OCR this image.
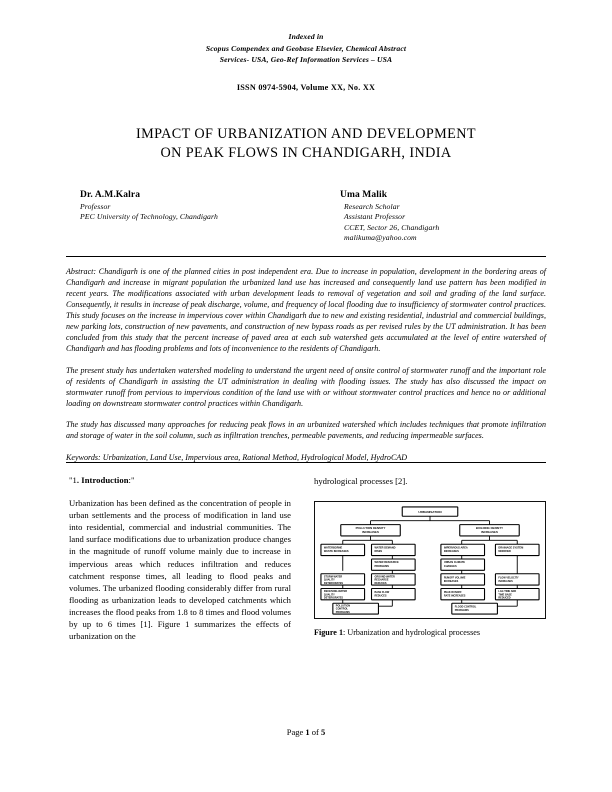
Indexed in
Scopus Compendex and Geobase Elsevier, Chemical Abstract
Services- USA, Geo-Ref Information Services – USA
ISSN 0974-5904, Volume XX, No. XX
IMPACT OF URBANIZATION AND DEVELOPMENT
ON PEAK FLOWS IN CHANDIGARH, INDIA
Dr. A.M.Kalra
Professor
PEC University of Technology, Chandigarh
Uma Malik
Research Scholar
Assistant Professor
CCET, Sector 26, Chandigarh
malikuma@yahoo.com

Abstract: Chandigarh is one of the planned cities in post independent era. Due to increase in population, development in the bordering areas of Chandigarh and increase in migrant population the urbanized land use has increased and consequently land use pattern has been modified in recent years. The modifications associated with urban development leads to removal of vegetation and soil and grading of the land surface. Consequently, it results in increase of peak discharge, volume, and frequency of local flooding due to insufficiency of stormwater control practices. This study focuses on the increase in impervious cover within Chandigarh due to new and existing residential, industrial and commercial buildings, new parking lots, construction of new pavements, and construction of new bypass roads as per revised rules by the UT administration. It has been concluded from this study that the percent increase of paved area at each sub watershed gets accumulated at the level of entire watershed of Chandigarh and has flooding problems and lots of inconvenience to the residents of Chandigarh.

The present study has undertaken watershed modeling to understand the urgent need of onsite control of stormwater runoff and the important role of residents of Chandigarh in assisting the UT administration in dealing with flooding issues. The study has also discussed the impact on stormwater runoff from pervious to impervious condition of the land use with or without stormwater control practices and hence no or additional loading on downstream stormwater control practices within Chandigarh.

The study has discussed many approaches for reducing peak flows in an urbanized watershed which includes techniques that promote infiltration and storage of water in the soil column, such as infiltration trenches, permeable pavements, and reducing impermeable surfaces.

Keywords: Urbanization, Land Use, Impervious area, Rational Method, Hydrological Model, HydroCAD
"1. Introduction:"
Urbanization has been defined as the concentration of people in urban settlements and the process of modification in land use into residential, commercial and industrial communities. The land surface modifications due to urbanization produce changes in the magnitude of runoff volume mainly due to increase in impervious areas which reduces infiltration and reduces catchment response times, all leading to flood peaks and volumes. The urbanized flooding considerably differ from rural flooding as urbanization leads to developed catchments which increases the flood peaks from 1.8 to 8 times and flood volumes by up to 6 times [1]. Figure 1 summarizes the effects of urbanization on the
hydrological processes [2].
URBANISATION
POLLUTION DENSITY
INCREASES
BUILDING DENSITY
INCREASES
WATERBORNE
WASTE INCREASES
WATER DEMAND
RISES
IMPERVIOUS AREA
INCREASES
DRAINAGE SYSTEM
MODIFIED
WATER RESOURCE
PROBLEMS
URBAN CLIMATE
CHANGES
STORM WATER
QUALITY
DETERIORATES
GROUND WATER
RECHARGE
REDUCES
RUNOFF VOLUME
INCREASES
FLOW VELOCITY
INCREASES
RECEIVING-WATER
QUALITY
DETERIORATES
BASE FLOW
REDUCES
PEAK RUNOFF
RATE INCREASES
LAG TIME AND
TIME BASE
REDUCED
POLLUTION
CONTROL
PROBLEMS
FLOOD CONTROL
PROBLEMS
Figure 1: Urbanization and hydrological processes
Page 1 of 5
